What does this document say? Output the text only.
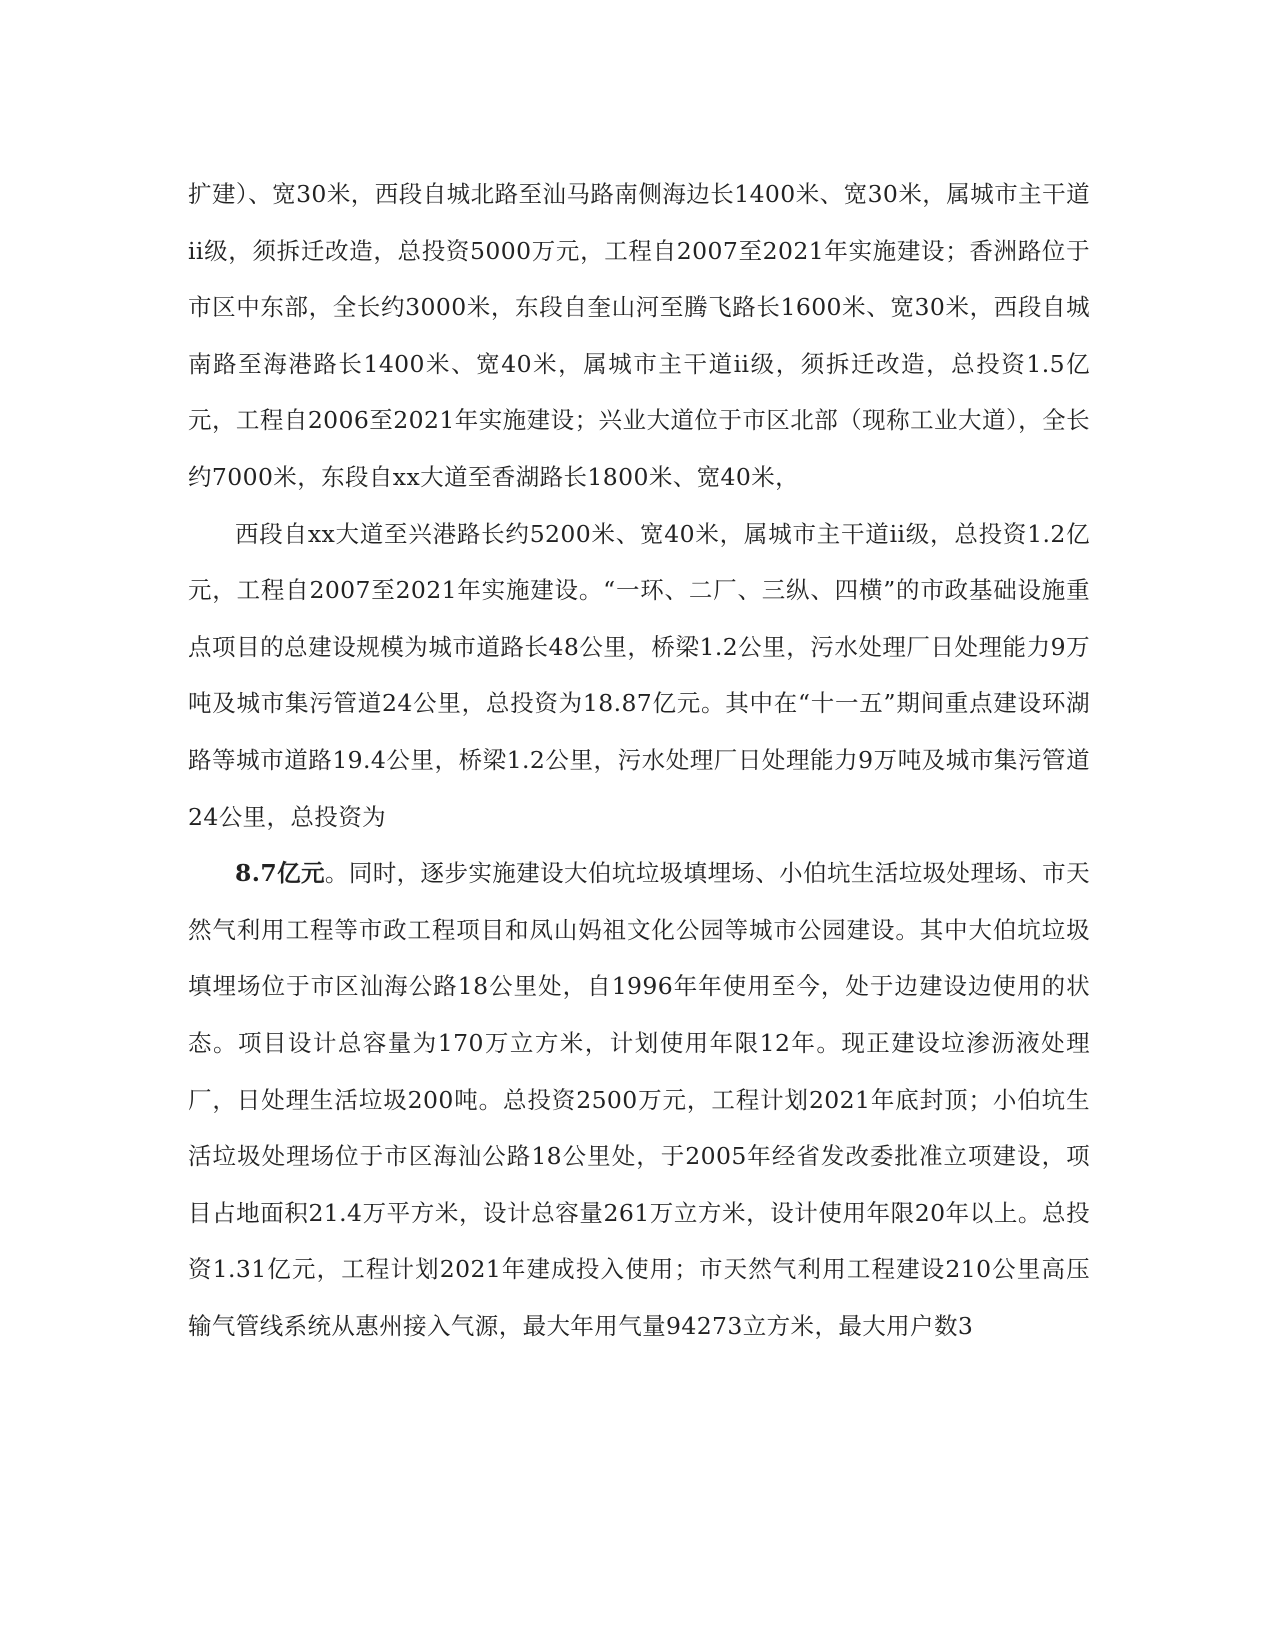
扩建）、宽30米，西段自城北路至汕马路南侧海边长1400米、宽30米，属城市主干道ii级，须拆迁改造，总投资5000万元，工程自2007至2021年实施建设；香洲路位于市区中东部，全长约3000米，东段自奎山河至腾飞路长1600米、宽30米，西段自城南路至海港路长1400米、宽40米，属城市主干道ii级，须拆迁改造，总投资1.5亿元，工程自2006至2021年实施建设；兴业大道位于市区北部（现称工业大道），全长约7000米，东段自xx大道至香湖路长1800米、宽40米，

西段自xx大道至兴港路长约5200米、宽40米，属城市主干道ii级，总投资1.2亿元，工程自2007至2021年实施建设。“一环、二厂、三纵、四横”的市政基础设施重点项目的总建设规模为城市道路长48公里，桥梁1.2公里，污水处理厂日处理能力9万吨及城市集污管道24公里，总投资为18.87亿元。其中在“十一五”期间重点建设环湖路等城市道路19.4公里，桥梁1.2公里，污水处理厂日处理能力9万吨及城市集污管道24公里，总投资为

8.7亿元。同时，逐步实施建设大伯坑垃圾填埋场、小伯坑生活垃圾处理场、市天然气利用工程等市政工程项目和凤山妈祖文化公园等城市公园建设。其中大伯坑垃圾填埋场位于市区汕海公路18公里处，自1996年年使用至今，处于边建设边使用的状态。项目设计总容量为170万立方米，计划使用年限12年。现正建设垃渗沥液处理厂，日处理生活垃圾200吨。总投资2500万元，工程计划2021年底封顶；小伯坑生活垃圾处理场位于市区海汕公路18公里处，于2005年经省发改委批准立项建设，项目占地面积21.4万平方米，设计总容量261万立方米，设计使用年限20年以上。总投资1.31亿元，工程计划2021年建成投入使用；市天然气利用工程建设210公里高压输气管线系统从惠州接入气源，最大年用气量94273立方米，最大用户数3
